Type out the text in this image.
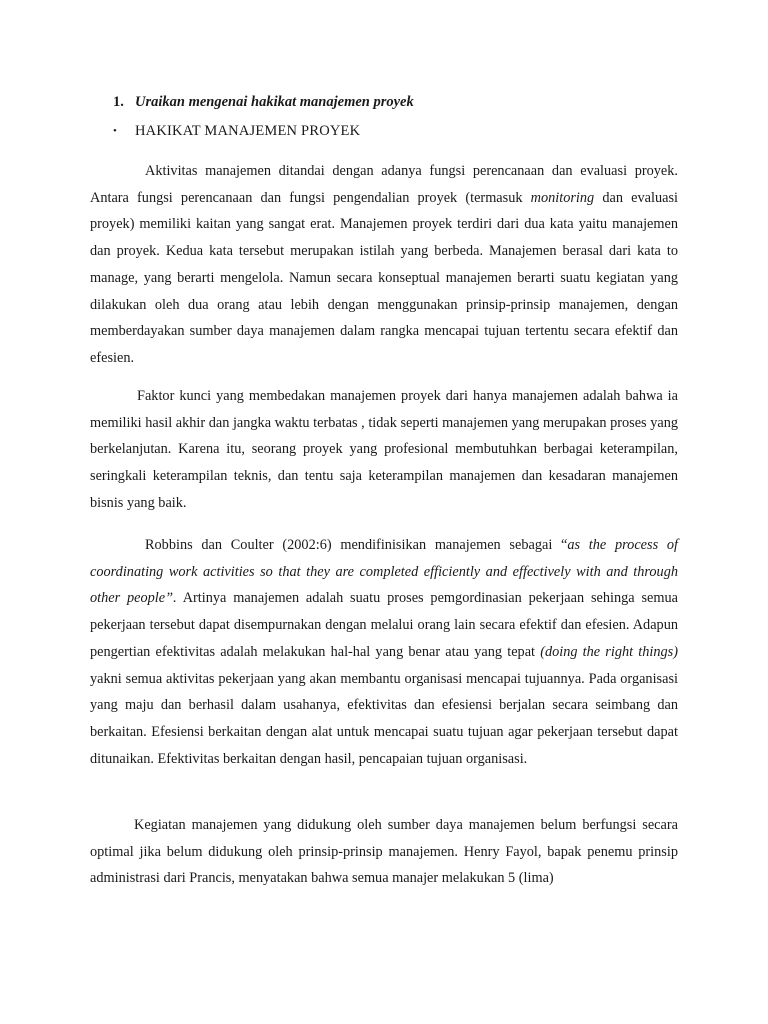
1. Uraikan mengenai hakikat manajemen proyek
• HAKIKAT MANAJEMEN PROYEK

Aktivitas manajemen ditandai dengan adanya fungsi perencanaan dan evaluasi proyek. Antara fungsi perencanaan dan fungsi pengendalian proyek (termasuk monitoring dan evaluasi proyek) memiliki kaitan yang sangat erat. Manajemen proyek terdiri dari dua kata yaitu manajemen dan proyek. Kedua kata tersebut merupakan istilah yang berbeda. Manajemen berasal dari kata to manage, yang berarti mengelola. Namun secara konseptual manajemen berarti suatu kegiatan yang dilakukan oleh dua orang atau lebih dengan menggunakan prinsip-prinsip manajemen, dengan memberdayakan sumber daya manajemen dalam rangka mencapai tujuan tertentu secara efektif dan efesien.

Faktor kunci yang membedakan manajemen proyek dari hanya manajemen adalah bahwa ia memiliki hasil akhir dan jangka waktu terbatas , tidak seperti manajemen yang merupakan proses yang berkelanjutan. Karena itu, seorang proyek yang profesional membutuhkan berbagai keterampilan, seringkali keterampilan teknis, dan tentu saja keterampilan manajemen dan kesadaran manajemen bisnis yang baik.

Robbins dan Coulter (2002:6) mendifinisikan manajemen sebagai “as the process of coordinating work activities so that they are completed efficiently and effectively with and through other people”. Artinya manajemen adalah suatu proses pemgordinasian pekerjaan sehinga semua pekerjaan tersebut dapat disempurnakan dengan melalui orang lain secara efektif dan efesien. Adapun pengertian efektivitas adalah melakukan hal-hal yang benar atau yang tepat (doing the right things) yakni semua aktivitas pekerjaan yang akan membantu organisasi mencapai tujuannya. Pada organisasi yang maju dan berhasil dalam usahanya, efektivitas dan efesiensi berjalan secara seimbang dan berkaitan. Efesiensi berkaitan dengan alat untuk mencapai suatu tujuan agar pekerjaan tersebut dapat ditunaikan. Efektivitas berkaitan dengan hasil, pencapaian tujuan organisasi.

Kegiatan manajemen yang didukung oleh sumber daya manajemen belum berfungsi secara optimal jika belum didukung oleh prinsip-prinsip manajemen. Henry Fayol, bapak penemu prinsip administrasi dari Prancis, menyatakan bahwa semua manajer melakukan 5 (lima)
